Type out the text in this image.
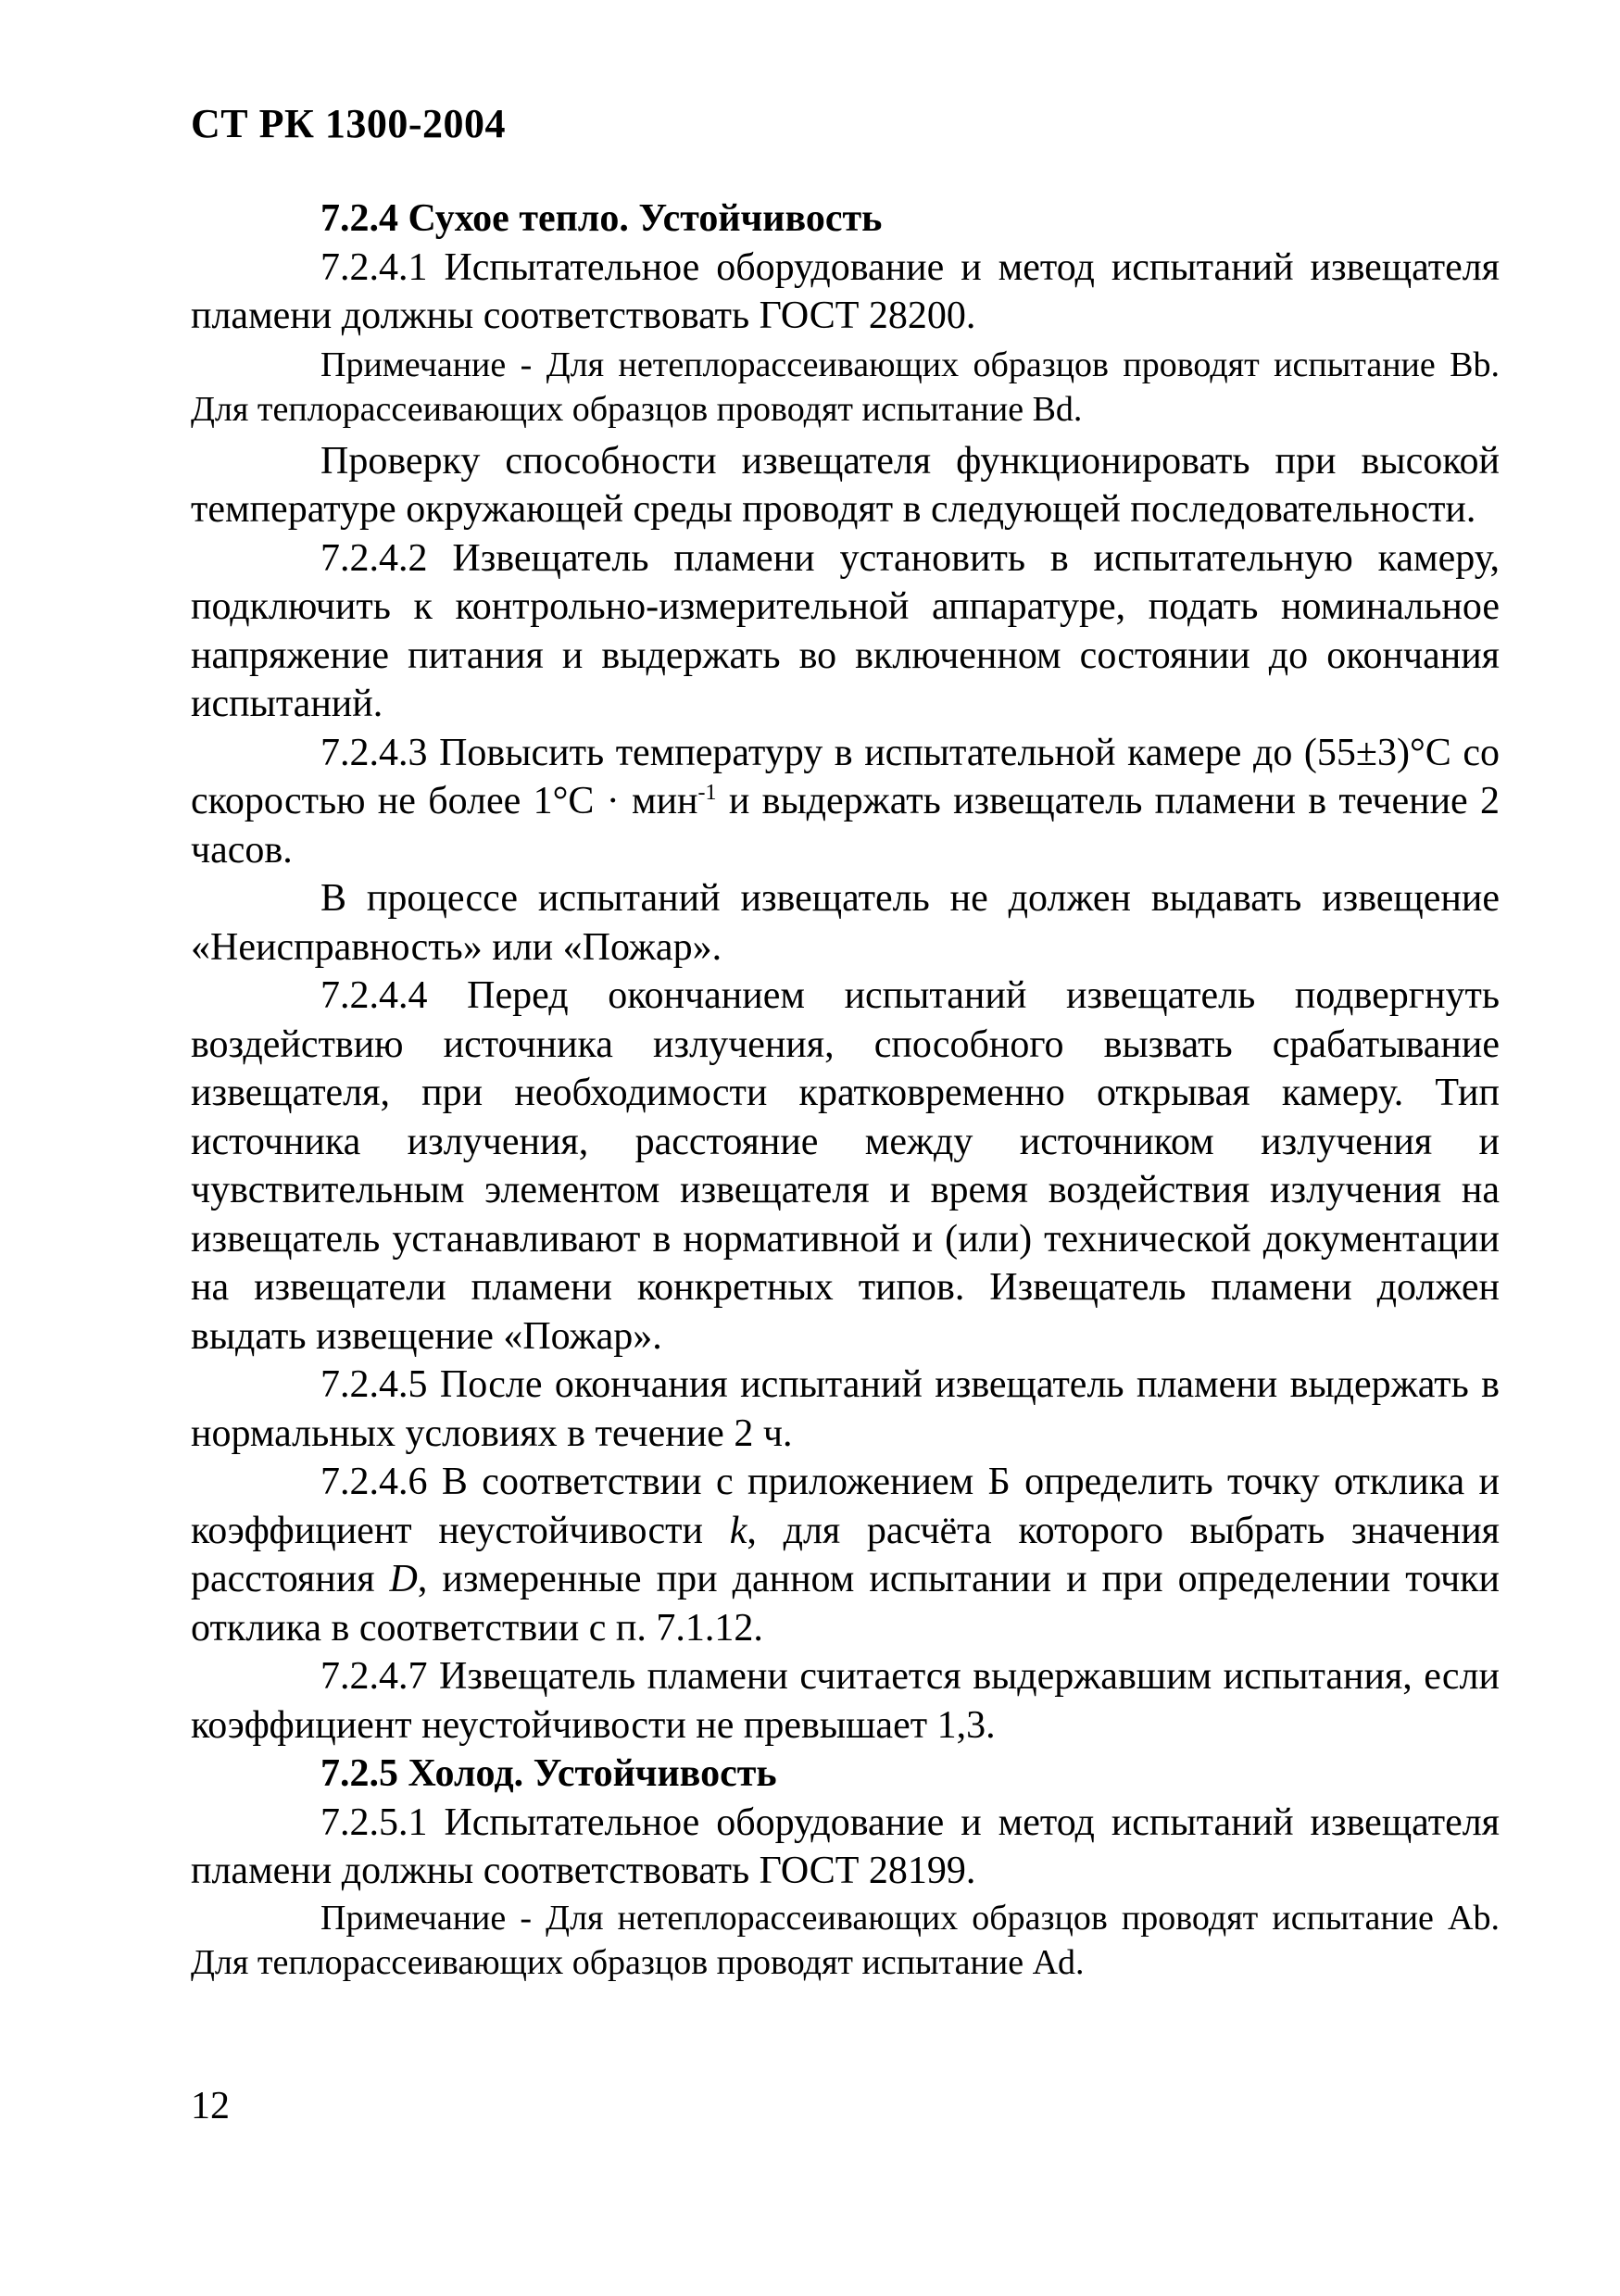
СТ РК 1300-2004

7.2.4 Сухое тепло. Устойчивость

7.2.4.1 Испытательное оборудование и метод испытаний извещателя пламени должны соответствовать ГОСТ 28200.

Примечание - Для нетеплорассеивающих образцов проводят испытание Bb. Для теплорассеивающих образцов проводят испытание Bd.

Проверку способности извещателя функционировать при высокой температуре окружающей среды проводят в следующей последовательности.

7.2.4.2 Извещатель пламени установить в испытательную камеру, подключить к контрольно-измерительной аппаратуре, подать номинальное напряжение питания и выдержать во включенном состоянии до окончания испытаний.

7.2.4.3 Повысить температуру в испытательной камере до (55±3)°С со скоростью не более 1°С · мин$^{-1}$ и выдержать извещатель пламени в течение 2 часов.

В процессе испытаний извещатель не должен выдавать извещение «Неисправность» или «Пожар».

7.2.4.4 Перед окончанием испытаний извещатель подвергнуть воздействию источника излучения, способного вызвать срабатывание извещателя, при необходимости кратковременно открывая камеру. Тип источника излучения, расстояние между источником излучения и чувствительным элементом извещателя и время воздействия излучения на извещатель устанавливают в нормативной и (или) технической документации на извещатели пламени конкретных типов. Извещатель пламени должен выдать извещение «Пожар».

7.2.4.5 После окончания испытаний извещатель пламени выдержать в нормальных условиях в течение 2 ч.

7.2.4.6 В соответствии с приложением Б определить точку отклика и коэффициент неустойчивости k, для расчёта которого выбрать значения расстояния D, измеренные при данном испытании и при определении точки отклика в соответствии с п. 7.1.12.

7.2.4.7 Извещатель пламени считается выдержавшим испытания, если коэффициент неустойчивости не превышает 1,3.

7.2.5 Холод. Устойчивость

7.2.5.1 Испытательное оборудование и метод испытаний извещателя пламени должны соответствовать ГОСТ 28199.

Примечание - Для нетеплорассеивающих образцов проводят испытание Ab. Для теплорассеивающих образцов проводят испытание Ad.

12
